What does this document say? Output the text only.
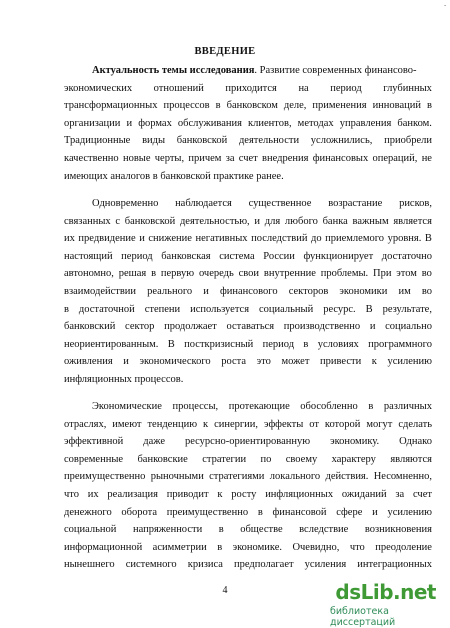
ᐧ
ВВЕДЕНИЕ
Актуальность темы исследования. Развитие современных финансово-
экономических отношений приходится на период глубинных
трансформационных процессов в банковском деле, применения инноваций в
организации и формах обслуживания клиентов, методах управления банком.
Традиционные виды банковской деятельности усложнились, приобрели
качественно новые черты, причем за счет внедрения финансовых операций, не
имеющих аналогов в банковской практике ранее.
Одновременно наблюдается существенное возрастание рисков,
связанных с банковской деятельностью, и для любого банка важным является
их предвидение и снижение негативных последствий до приемлемого уровня. В
настоящий период банковская система России функционирует достаточно
автономно, решая в первую очередь свои внутренние проблемы. При этом во
взаимодействии реального и финансового секторов экономики им во
в достаточной степени используется социальный ресурс. В результате,
банковский сектор продолжает оставаться производственно и социально
неориентированным. В посткризисный период в условиях программного
оживления и экономического роста это может привести к усилению
инфляционных процессов.
Экономические процессы, протекающие обособленно в различных
отраслях, имеют тенденцию к синергии, эффекты от которой могут сделать
эффективной даже ресурсно-ориентированную экономику. Однако
современные банковские стратегии по своему характеру являются
преимущественно рыночными стратегиями локального действия. Несомненно,
что их реализация приводит к росту инфляционных ожиданий за счет
денежного оборота преимущественно в финансовой сфере и усилению
социальной напряженности в обществе вследствие возникновения
информационной асимметрии в экономике. Очевидно, что преодоление
нынешнего системного кризиса предполагает усиления интеграционных
4	dsLib.net
библиотека диссертаций
